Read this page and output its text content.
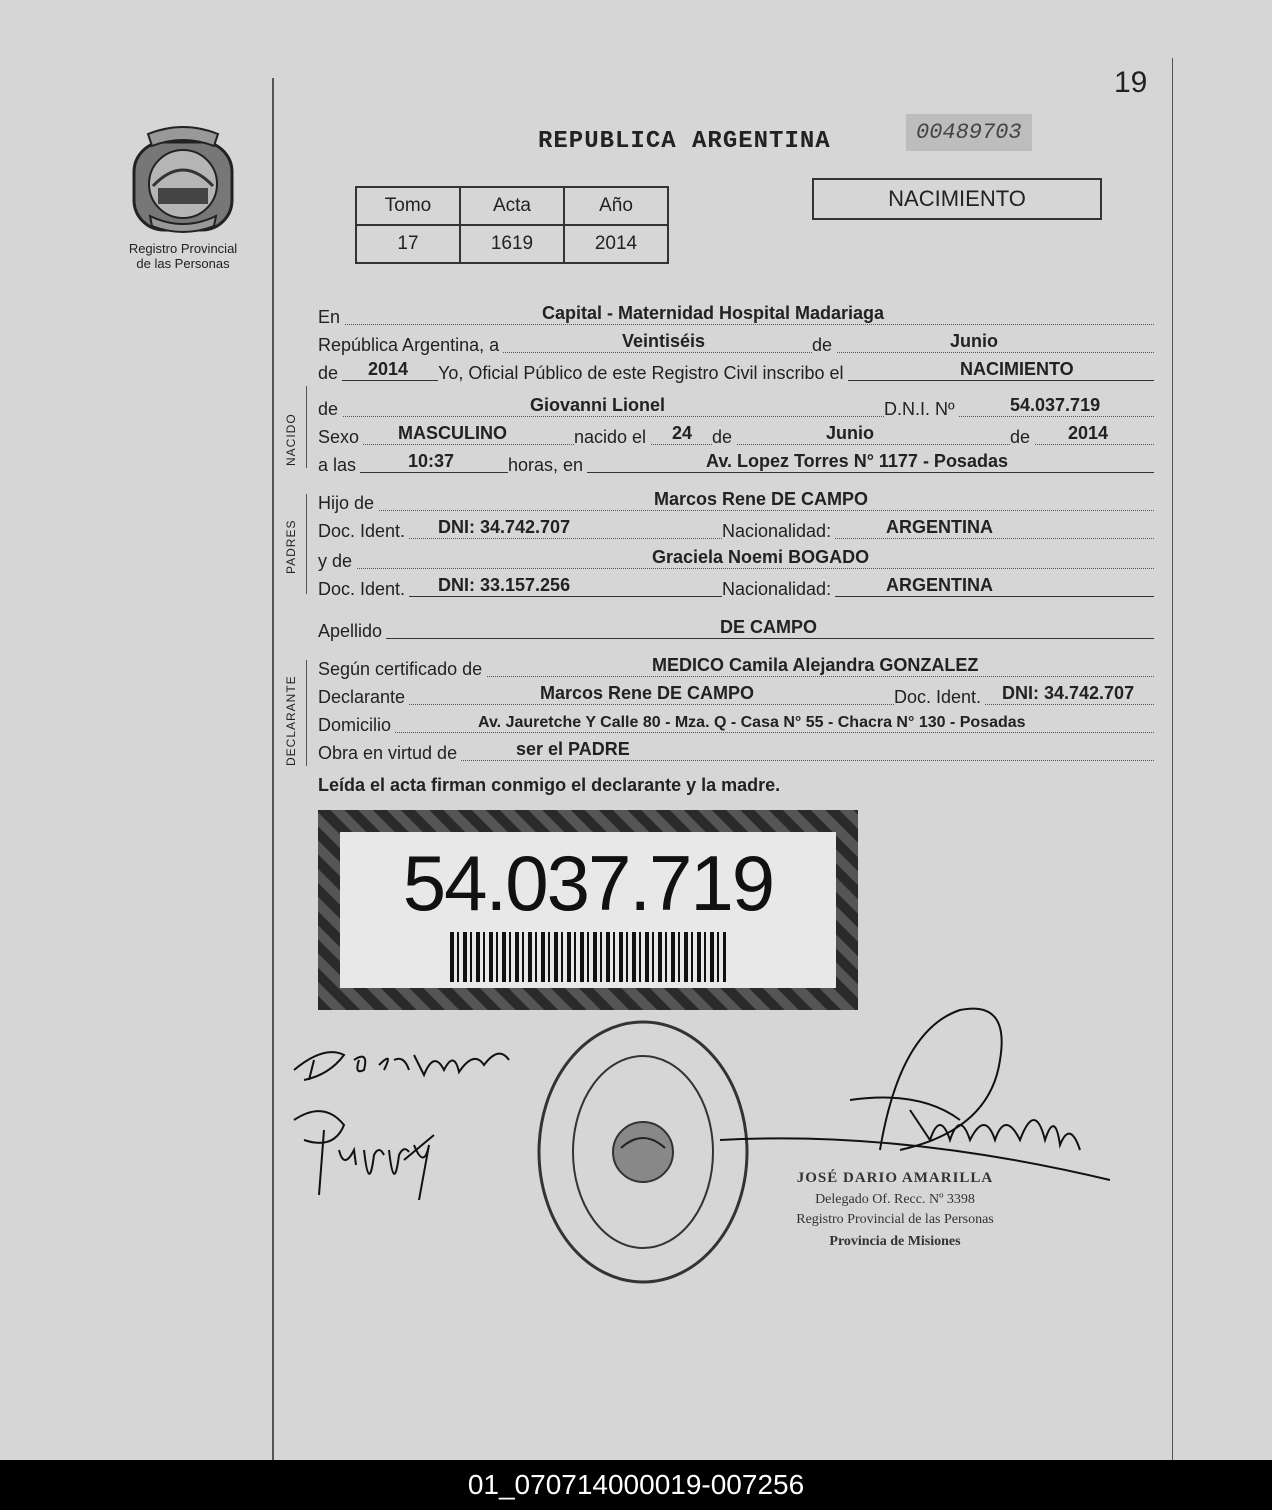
19
Registro Provincial
de las Personas
REPUBLICA ARGENTINA	00489703
NACIMIENTO
Tomo	Acta	Año
17	1619	2014
NACIDO
PADRES
DECLARANTE
En	Capital - Maternidad Hospital Madariaga
República Argentina, a	Veintiséis	de	Junio
de 2014 Yo, Oficial Público de este Registro Civil inscribo el	NACIMIENTO
de	Giovanni Lionel	D.N.I. Nº	54.037.719
Sexo MASCULINO	nacido el 24 de	Junio	de 2014
a las	10:37	horas, en	Av. Lopez Torres N° 1177 - Posadas
Hijo de	Marcos Rene DE CAMPO
Doc. Ident. DNI: 34.742.707	Nacionalidad:	ARGENTINA
y de	Graciela Noemi BOGADO
Doc. Ident. DNI: 33.157.256	Nacionalidad:	ARGENTINA
Apellido	DE CAMPO
Según certificado de	MEDICO Camila Alejandra GONZALEZ
Declarante	Marcos Rene DE CAMPO	Doc. Ident. DNI: 34.742.707
Domicilio	Av. Jauretche Y Calle 80 - Mza. Q - Casa N° 55 - Chacra N° 130 - Posadas
Obra en virtud de	ser el PADRE
Leída el acta firman conmigo el declarante y la madre.
54.037.719
JOSÉ DARIO AMARILLA
Delegado Of. Recc. Nº 3398
Registro Provincial de las Personas
Provincia de Misiones
01_070714000019-007256
